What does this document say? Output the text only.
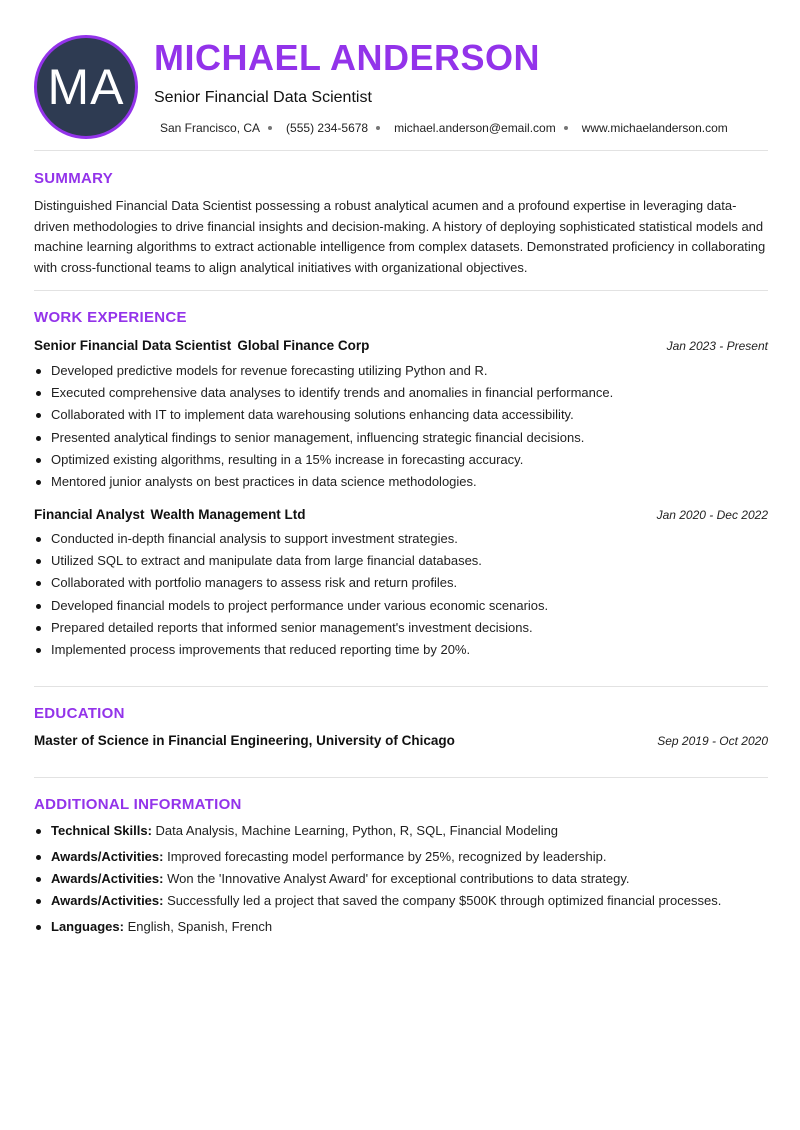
MA
MICHAEL ANDERSON
Senior Financial Data Scientist
San Francisco, CA (555) 234-5678 michael.anderson@email.com www.michaelanderson.com
SUMMARY

Distinguished Financial Data Scientist possessing a robust analytical acumen and a profound expertise in leveraging data-driven methodologies to drive financial insights and decision-making. A history of deploying sophisticated statistical models and machine learning algorithms to extract actionable intelligence from complex datasets. Demonstrated proficiency in collaborating with cross-functional teams to align analytical initiatives with organizational objectives.

WORK EXPERIENCE
Senior Financial Data Scientist Global Finance Corp	Jan 2023 - Present
Developed predictive models for revenue forecasting utilizing Python and R.
Executed comprehensive data analyses to identify trends and anomalies in financial performance.
Collaborated with IT to implement data warehousing solutions enhancing data accessibility.
Presented analytical findings to senior management, influencing strategic financial decisions.
Optimized existing algorithms, resulting in a 15% increase in forecasting accuracy.
Mentored junior analysts on best practices in data science methodologies.
Financial Analyst Wealth Management Ltd	Jan 2020 - Dec 2022
Conducted in-depth financial analysis to support investment strategies.
Utilized SQL to extract and manipulate data from large financial databases.
Collaborated with portfolio managers to assess risk and return profiles.
Developed financial models to project performance under various economic scenarios.
Prepared detailed reports that informed senior management's investment decisions.
Implemented process improvements that reduced reporting time by 20%.
EDUCATION
Master of Science in Financial Engineering, University of Chicago	Sep 2019 - Oct 2020
ADDITIONAL INFORMATION
Technical Skills: Data Analysis, Machine Learning, Python, R, SQL, Financial Modeling
Awards/Activities: Improved forecasting model performance by 25%, recognized by leadership.
Awards/Activities: Won the 'Innovative Analyst Award' for exceptional contributions to data strategy.
Awards/Activities: Successfully led a project that saved the company $500K through optimized financial processes.
Languages: English, Spanish, French
